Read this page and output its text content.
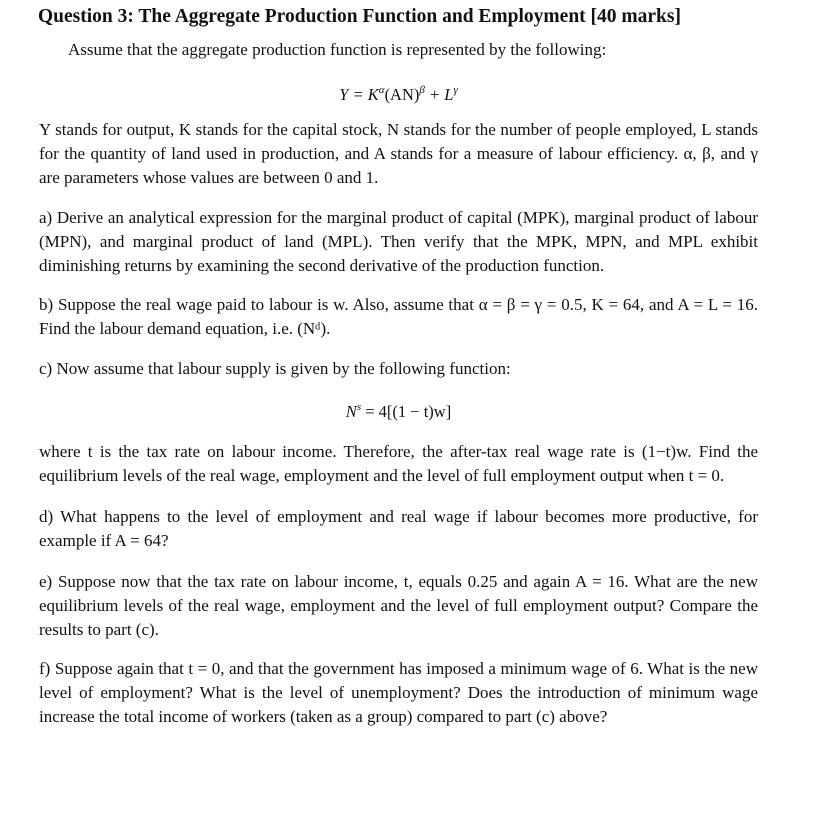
Question 3: The Aggregate Production Function and Employment [40 marks]
Assume that the aggregate production function is represented by the following:
$Y = K^\alpha(AN)^\beta + L^\gamma$

Y stands for output, K stands for the capital stock, N stands for the number of people employed, L stands for the quantity of land used in production, and A stands for a measure of labour efficiency. α, β, and γ are parameters whose values are between 0 and 1.

a) Derive an analytical expression for the marginal product of capital (MPK), marginal product of labour (MPN), and marginal product of land (MPL). Then verify that the MPK, MPN, and MPL exhibit diminishing returns by examining the second derivative of the production function.

b) Suppose the real wage paid to labour is w. Also, assume that α = β = γ = 0.5, K = 64, and A = L = 16. Find the labour demand equation, i.e. (Nᵈ).

c) Now assume that labour supply is given by the following function:

$N^s = 4[(1 - t)w]$

where t is the tax rate on labour income. Therefore, the after-tax real wage rate is (1−t)w. Find the equilibrium levels of the real wage, employment and the level of full employment output when t = 0.

d) What happens to the level of employment and real wage if labour becomes more productive, for example if A = 64?

e) Suppose now that the tax rate on labour income, t, equals 0.25 and again A = 16. What are the new equilibrium levels of the real wage, employment and the level of full employment output? Compare the results to part (c).

f) Suppose again that t = 0, and that the government has imposed a minimum wage of 6. What is the new level of employment? What is the level of unemployment? Does the introduction of minimum wage increase the total income of workers (taken as a group) compared to part (c) above?
